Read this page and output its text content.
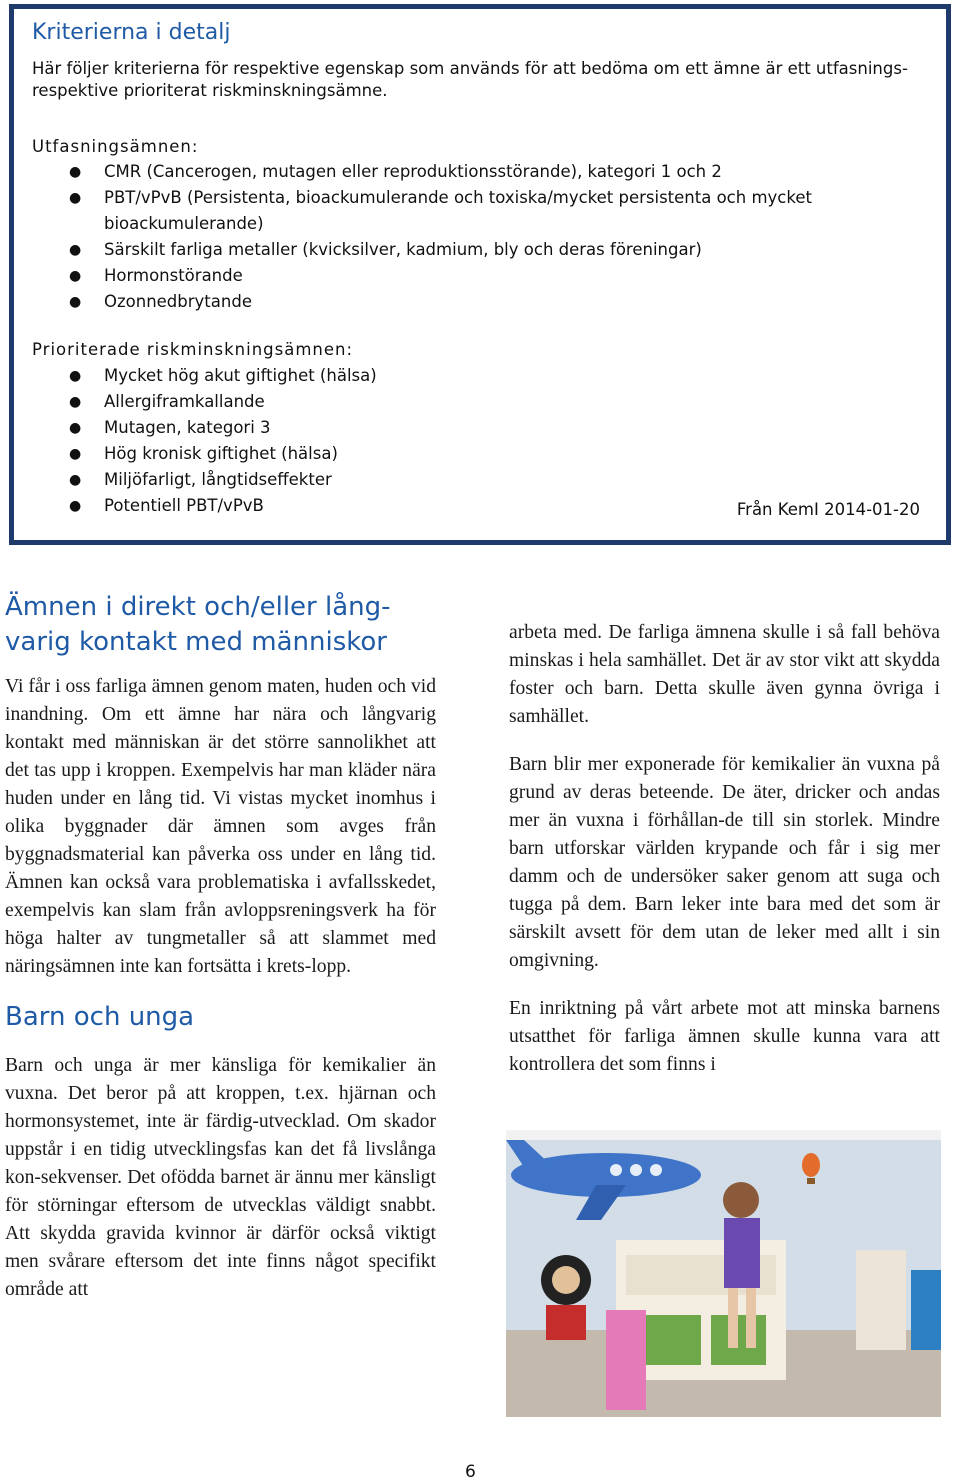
Kriterierna i detalj

Här följer kriterierna för respektive egenskap som används för att bedöma om ett ämne är ett utfasnings- respektive prioriterat riskminskningsämne.

Utfasningsämnen:
● CMR (Cancerogen, mutagen eller reproduktionsstörande), kategori 1 och 2
● PBT/vPvB (Persistenta, bioackumulerande och toxiska/mycket persistenta och mycket bioackumulerande)
● Särskilt farliga metaller (kvicksilver, kadmium, bly och deras föreningar)
● Hormonstörande
● Ozonnedbrytande
Prioriterade riskminskningsämnen:
● Mycket hög akut giftighet (hälsa)
● Allergiframkallande
● Mutagen, kategori 3
● Hög kronisk giftighet (hälsa)
● Miljöfarligt, långtidseffekter
● Potentiell PBT/vPvB	Från KemI 2014-01-20
Ämnen i direkt och/eller lång-varig kontakt med människor

Vi får i oss farliga ämnen genom maten, huden och vid inandning. Om ett ämne har nära och långvarig kontakt med människan är det större sannolikhet att det tas upp i kroppen. Exempelvis har man kläder nära huden under en lång tid. Vi vistas mycket inomhus i olika byggnader där ämnen som avges från byggnadsmaterial kan påverka oss under en lång tid. Ämnen kan också vara problematiska i avfallsskedet, exempelvis kan slam från avloppsreningsverk ha för höga halter av tungmetaller så att slammet med näringsämnen inte kan fortsätta i krets-lopp.

Barn och unga

Barn och unga är mer känsliga för kemikalier än vuxna. Det beror på att kroppen, t.ex. hjärnan och hormonsystemet, inte är färdig-utvecklad. Om skador uppstår i en tidig utvecklingsfas kan det få livslånga kon-sekvenser. Det ofödda barnet är ännu mer känsligt för störningar eftersom de utvecklas väldigt snabbt. Att skydda gravida kvinnor är därför också viktigt men svårare eftersom det inte finns något specifikt område att

arbeta med. De farliga ämnena skulle i så fall behöva minskas i hela samhället. Det är av stor vikt att skydda foster och barn. Detta skulle även gynna övriga i samhället.

Barn blir mer exponerade för kemikalier än vuxna på grund av deras beteende. De äter, dricker och andas mer än vuxna i förhållan-de till sin storlek. Mindre barn utforskar världen krypande och får i sig mer damm och de undersöker saker genom att suga och tugga på dem. Barn leker inte bara med det som är särskilt avsett för dem utan de leker med allt i sin omgivning.

En inriktning på vårt arbete mot att minska barnens utsatthet för farliga ämnen skulle kunna vara att kontrollera det som finns i

6
